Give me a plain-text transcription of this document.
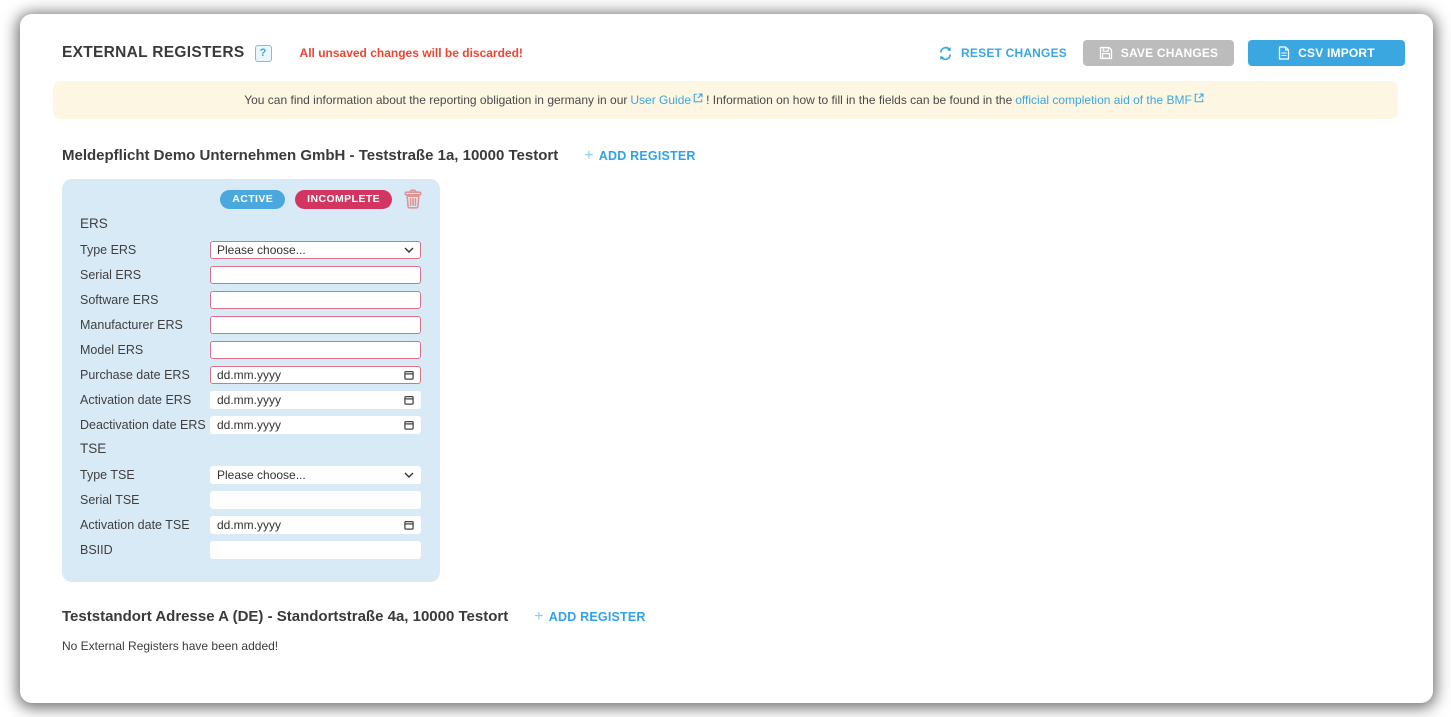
EXTERNAL REGISTERS ?	All unsaved changes will be discarded!	RESET CHANGES	SAVE CHANGES	CSV IMPORT
You can find information about the reporting obligation in germany in our User Guide ! Information on how to fill in the fields can be found in the official completion aid of the BMF
Meldepflicht Demo Unternehmen GmbH - Teststraße 1a, 10000 Testort + ADD REGISTER
ACTIVE	INCOMPLETE
ERS
Type ERS	Please choose...
Serial ERS
Software ERS
Manufacturer ERS
Model ERS
Purchase date ERS	dd.mm.yyyy
Activation date ERS	dd.mm.yyyy
Deactivation date ERS dd.mm.yyyy
TSE
Type TSE	Please choose...
Serial TSE
Activation date TSE	dd.mm.yyyy
BSIID
Teststandort Adresse A (DE) - Standortstraße 4a, 10000 Testort + ADD REGISTER
No External Registers have been added!
